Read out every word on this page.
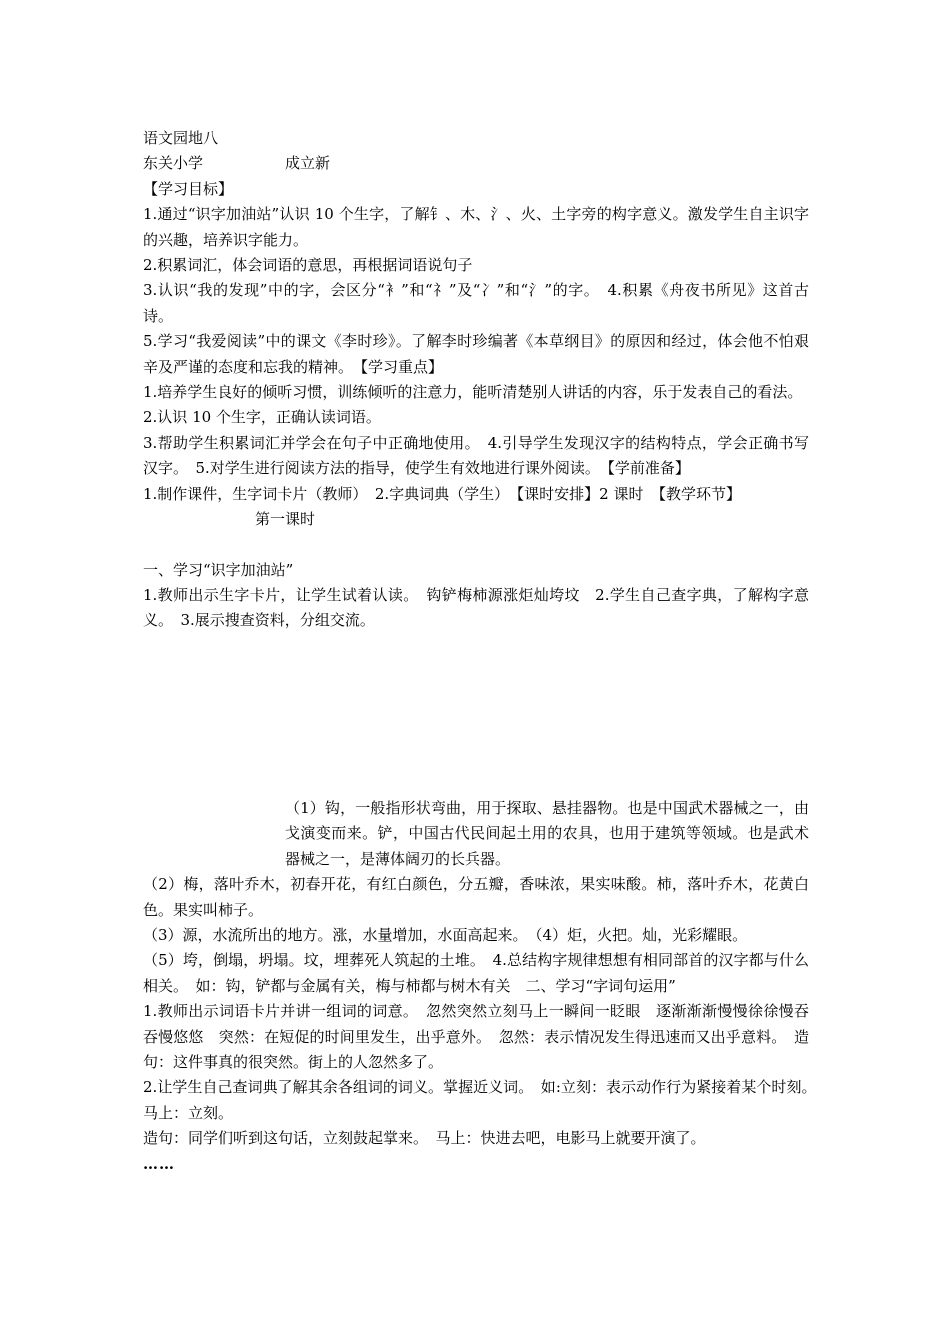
语文园地八

东关小学	成立新

【学习目标】

1.通过“识字加油站”认识 10 个生字，了解钅、木、氵、火、土字旁的构字意义。激发学生自主识字的兴趣，培养识字能力。

2.积累词汇，体会词语的意思，再根据词语说句子

3.认识“我的发现”中的字，会区分“衤”和“礻”及“冫”和“氵”的字。　4.积累《舟夜书所见》这首古诗。

5.学习“我爱阅读”中的课文《李时珍》。了解李时珍编著《本草纲目》的原因和经过，体会他不怕艰辛及严谨的态度和忘我的精神。　【学习重点】

1.培养学生良好的倾听习惯，训练倾听的注意力，能听清楚别人讲话的内容，乐于发表自己的看法。

2.认识 10 个生字，正确认读词语。

3.帮助学生积累词汇并学会在句子中正确地使用。　4.引导学生发现汉字的结构特点，学会正确书写汉字。　5.对学生进行阅读方法的指导，使学生有效地进行课外阅读。　【学前准备】

1.制作课件，生字词卡片（教师）　2.字典词典（学生）　【课时安排】2 课时　【教学环节】

第一课时

一、学习“识字加油站”

1.教师出示生字卡片，让学生试着认读。　钩铲梅柿源涨炬灿垮坟　2.学生自己查字典，了解构字意义。　3.展示搜查资料，分组交流。

（1）钩，一般指形状弯曲，用于探取、悬挂器物。也是中国武术器械之一，由戈演变而来。铲，中国古代民间起土用的农具，也用于建筑等领域。也是武术器械之一，是薄体阔刃的长兵器。

（2）梅，落叶乔木，初春开花，有红白颜色，分五瓣，香味浓，果实味酸。柿，落叶乔木，花黄白色。果实叫柿子。

（3）源，水流所出的地方。涨，水量增加，水面高起来。　（4）炬，火把。灿，光彩耀眼。

（5）垮，倒塌，坍塌。坟，埋葬死人筑起的土堆。　4.总结构字规律想想有相同部首的汉字都与什么相关。　如：钩，铲都与金属有关，梅与柿都与树木有关　二、学习“字词句运用”

1.教师出示词语卡片并讲一组词的词意。　忽然突然立刻马上一瞬间一眨眼　逐渐渐渐慢慢徐徐慢吞吞慢悠悠　突然：在短促的时间里发生，出乎意外。　忽然：表示情况发生得迅速而又出乎意料。　造句：这件事真的很突然。街上的人忽然多了。

2.让学生自己查词典了解其余各组词的词义。掌握近义词。　如:立刻：表示动作行为紧接着某个时刻。　马上：立刻。

造句：同学们听到这句话，立刻鼓起掌来。　马上：快进去吧，电影马上就要开演了。

……
